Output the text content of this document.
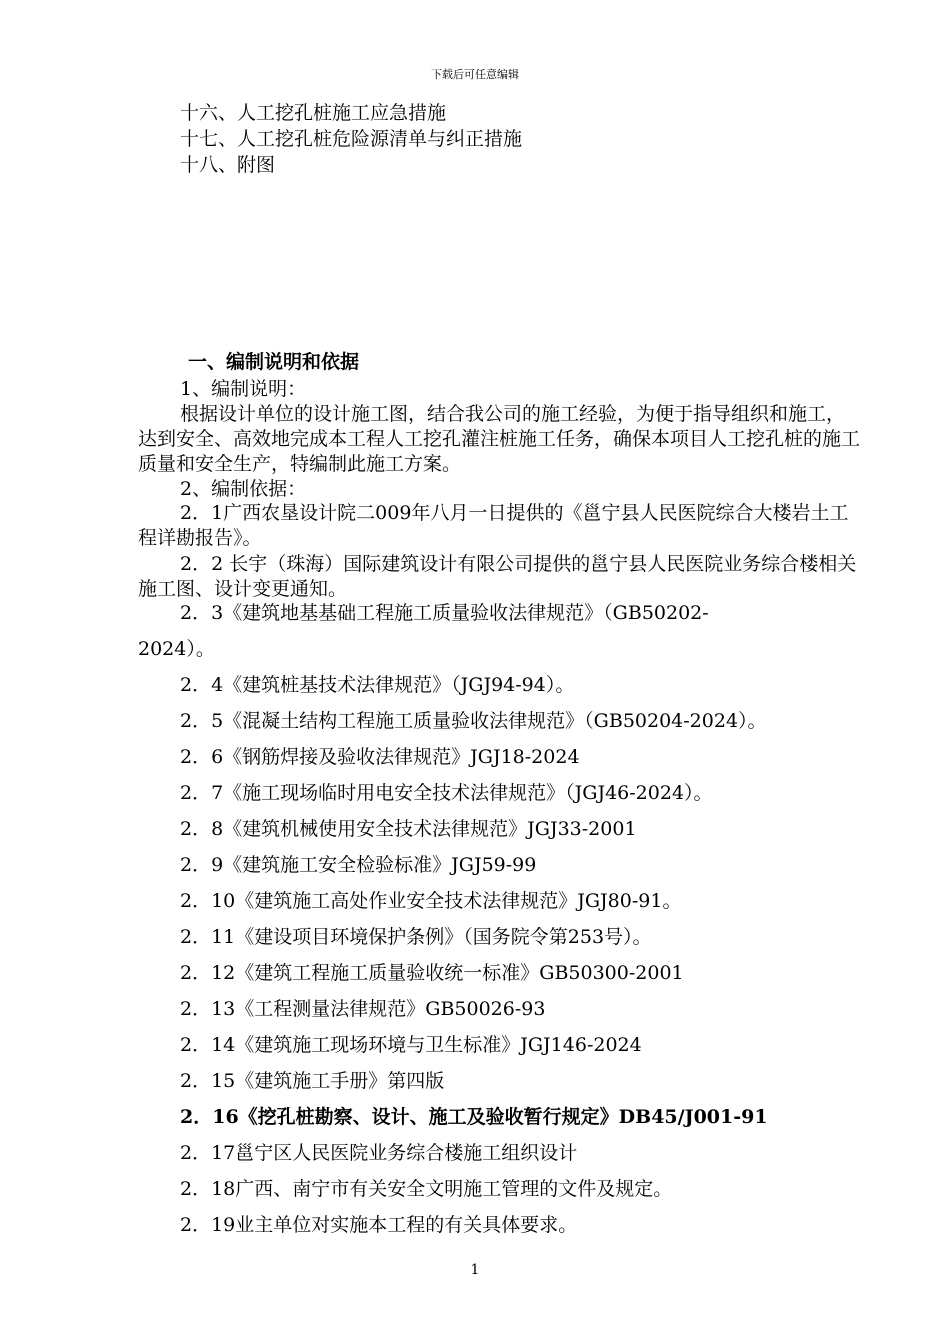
下载后可任意编辑
十六、人工挖孔桩施工应急措施
十七、人工挖孔桩危险源清单与纠正措施
十八、附图
一、编制说明和依据
1、编制说明：
根据设计单位的设计施工图，结合我公司的施工经验，为便于指导组织和施工，达到安全、高效地完成本工程人工挖孔灌注桩施工任务，确保本项目人工挖孔桩的施工质量和安全生产，特编制此施工方案。
2、编制依据：
2．1广西农垦设计院二009年八月一日提供的《邕宁县人民医院综合大楼岩土工程详勘报告》。
2．2 长宇（珠海）国际建筑设计有限公司提供的邕宁县人民医院业务综合楼相关施工图、设计变更通知。
2．3《建筑地基基础工程施工质量验收法律规范》（GB50202-
2024）。
2．4《建筑桩基技术法律规范》（JGJ94-94）。
2．5《混凝土结构工程施工质量验收法律规范》（GB50204-2024）。
2．6《钢筋焊接及验收法律规范》JGJ18-2024
2．7《施工现场临时用电安全技术法律规范》（JGJ46-2024）。
2．8《建筑机械使用安全技术法律规范》JGJ33-2001
2．9《建筑施工安全检验标准》JGJ59-99
2．10《建筑施工高处作业安全技术法律规范》JGJ80-91。
2．11《建设项目环境保护条例》（国务院令第253号）。
2．12《建筑工程施工质量验收统一标准》GB50300-2001
2．13《工程测量法律规范》GB50026-93
2．14《建筑施工现场环境与卫生标准》JGJ146-2024
2．15《建筑施工手册》第四版
2．16《挖孔桩勘察、设计、施工及验收暂行规定》DB45/J001-91
2．17邕宁区人民医院业务综合楼施工组织设计
2．18广西、南宁市有关安全文明施工管理的文件及规定。
2．19业主单位对实施本工程的有关具体要求。
1
